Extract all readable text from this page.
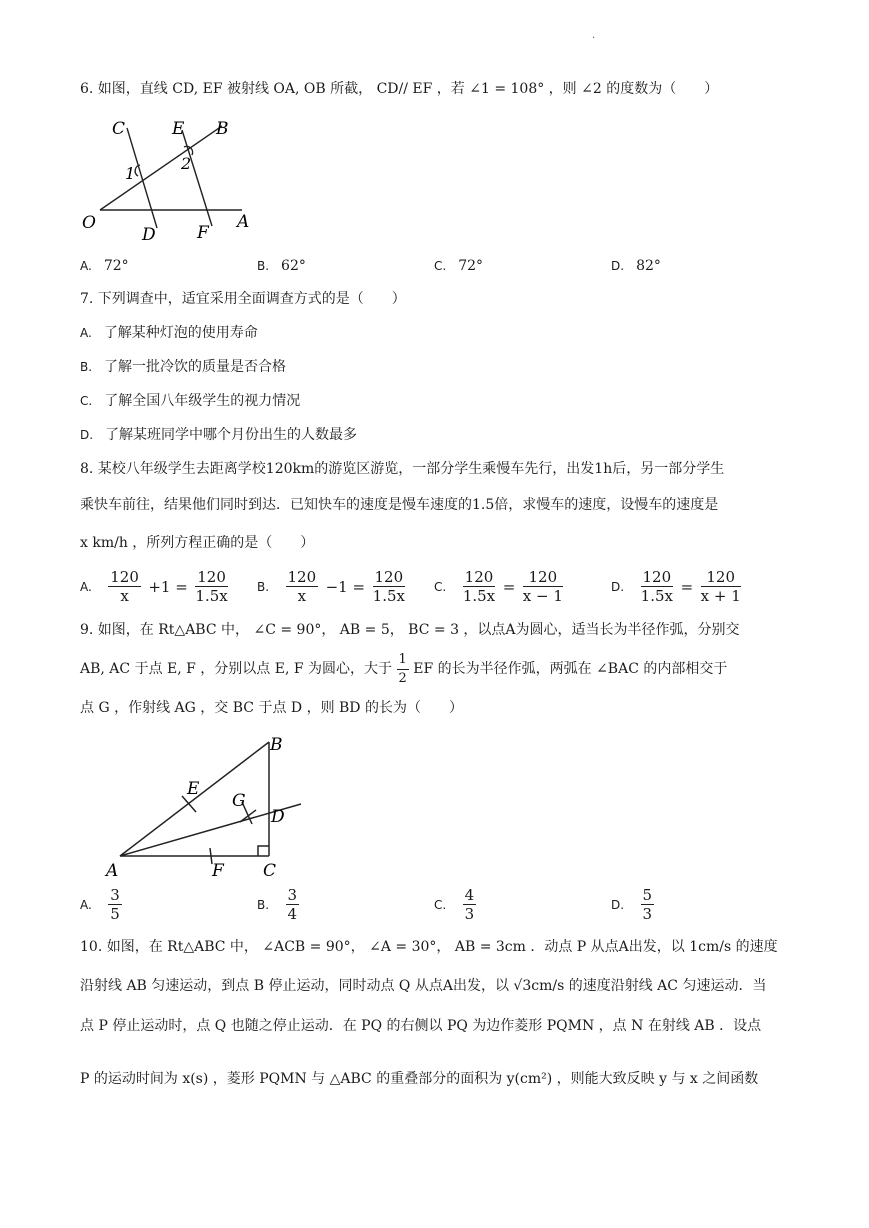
.
6. 如图，直线 CD, EF 被射线 OA, OB 所截， CD// EF ，若 ∠1 = 108° ，则 ∠2 的度数为（　　）
C	E B
1
2
O
D F
A
A. 72°	B. 62°	C. 72°	D. 82°
7. 下列调查中，适宜采用全面调查方式的是（　　）
A. 了解某种灯泡的使用寿命
B. 了解一批冷饮的质量是否合格
C. 了解全国八年级学生的视力情况
D. 了解某班同学中哪个月份出生的人数最多
8. 某校八年级学生去距离学校120km的游览区游览，一部分学生乘慢车先行，出发1h后，另一部分学生
乘快车前往，结果他们同时到达．已知快车的速度是慢车速度的1.5倍，求慢车的速度，设慢车的速度是
x km/h ，所列方程正确的是（　　）
A. $\frac{120}{x} +1 = \frac{120}{1.5x} B$. $\frac{120}{x} -1 = \frac{120}{1.5x} C$. $\frac{120}{1.5x} = \frac{120}{x - 1}$	D. $\frac{120}{1.5x} = \frac{120}{x + 1}$
9. 如图，在 Rt△ABC 中， ∠C = 90°， AB = 5， BC = 3 ，以点A为圆心，适当长为半径作弧，分别交
AB, AC 于点 E, F ，分别以点 E, F 为圆心，大于 $\frac{1}{2}$ EF 的长为半径作弧，两弧在 ∠BAC 的内部相交于
点 G ，作射线 AG ，交 BC 于点 D ，则 BD 的长为（　　）
B
E
G
D
A	F C
A. $\frac{3}{5}$	B. $\frac{3}{4}$	C. $\frac{4}{3}$	D. $\frac{5}{3}$
10. 如图，在 Rt△ABC 中， ∠ACB = 90°， ∠A = 30°， AB = 3cm ．动点 P 从点A出发，以 1cm/s 的速度
沿射线 AB 匀速运动，到点 B 停止运动，同时动点 Q 从点A出发，以 √3cm/s 的速度沿射线 AC 匀速运动．当
点 P 停止运动时，点 Q 也随之停止运动．在 PQ 的右侧以 PQ 为边作菱形 PQMN ，点 N 在射线 AB ．设点
P 的运动时间为 x(s) ，菱形 PQMN 与 △ABC 的重叠部分的面积为 y(cm²) ，则能大致反映 y 与 x 之间函数
